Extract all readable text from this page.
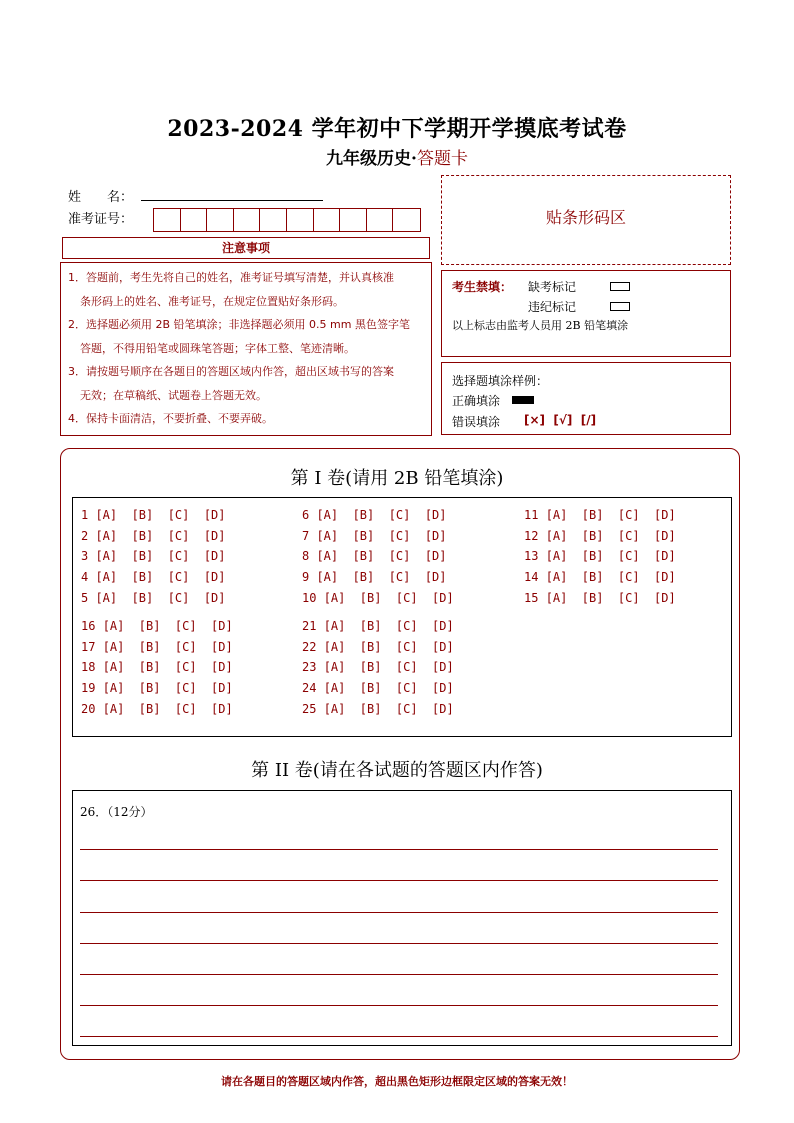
2023-2024 学年初中下学期开学摸底考试卷
九年级历史·答题卡
姓　　名：
准考证号：
注意事项
1．答题前，考生先将自己的姓名，准考证号填写清楚，并认真核准
条形码上的姓名、准考证号，在规定位置贴好条形码。
2．选择题必须用 2B 铅笔填涂；非选择题必须用 0.5 mm 黑色签字笔
答题，不得用铅笔或圆珠笔答题；字体工整、笔迹清晰。
3．请按题号顺序在各题目的答题区域内作答，超出区域书写的答案
无效；在草稿纸、试题卷上答题无效。
4．保持卡面清洁，不要折叠、不要弄破。
贴条形码区
考生禁填： 缺考标记
违纪标记
以上标志由监考人员用 2B 铅笔填涂
选择题填涂样例：
正确填涂
错误填涂 [×]  [√]  [/]
第 I 卷(请用 2B 铅笔填涂)
1 [A]  [B]  [C]  [D]
2 [A]  [B]  [C]  [D]
3 [A]  [B]  [C]  [D]
4 [A]  [B]  [C]  [D]
5 [A]  [B]  [C]  [D]
6 [A]  [B]  [C]  [D]
7 [A]  [B]  [C]  [D]
8 [A]  [B]  [C]  [D]
9 [A]  [B]  [C]  [D]
10 [A]  [B]  [C]  [D]
11 [A]  [B]  [C]  [D]
12 [A]  [B]  [C]  [D]
13 [A]  [B]  [C]  [D]
14 [A]  [B]  [C]  [D]
15 [A]  [B]  [C]  [D]
16 [A]  [B]  [C]  [D]
17 [A]  [B]  [C]  [D]
18 [A]  [B]  [C]  [D]
19 [A]  [B]  [C]  [D]
20 [A]  [B]  [C]  [D]
21 [A]  [B]  [C]  [D]
22 [A]  [B]  [C]  [D]
23 [A]  [B]  [C]  [D]
24 [A]  [B]  [C]  [D]
25 [A]  [B]  [C]  [D]
第 II 卷(请在各试题的答题区内作答)
26．（12分）
请在各题目的答题区域内作答，超出黑色矩形边框限定区域的答案无效！
